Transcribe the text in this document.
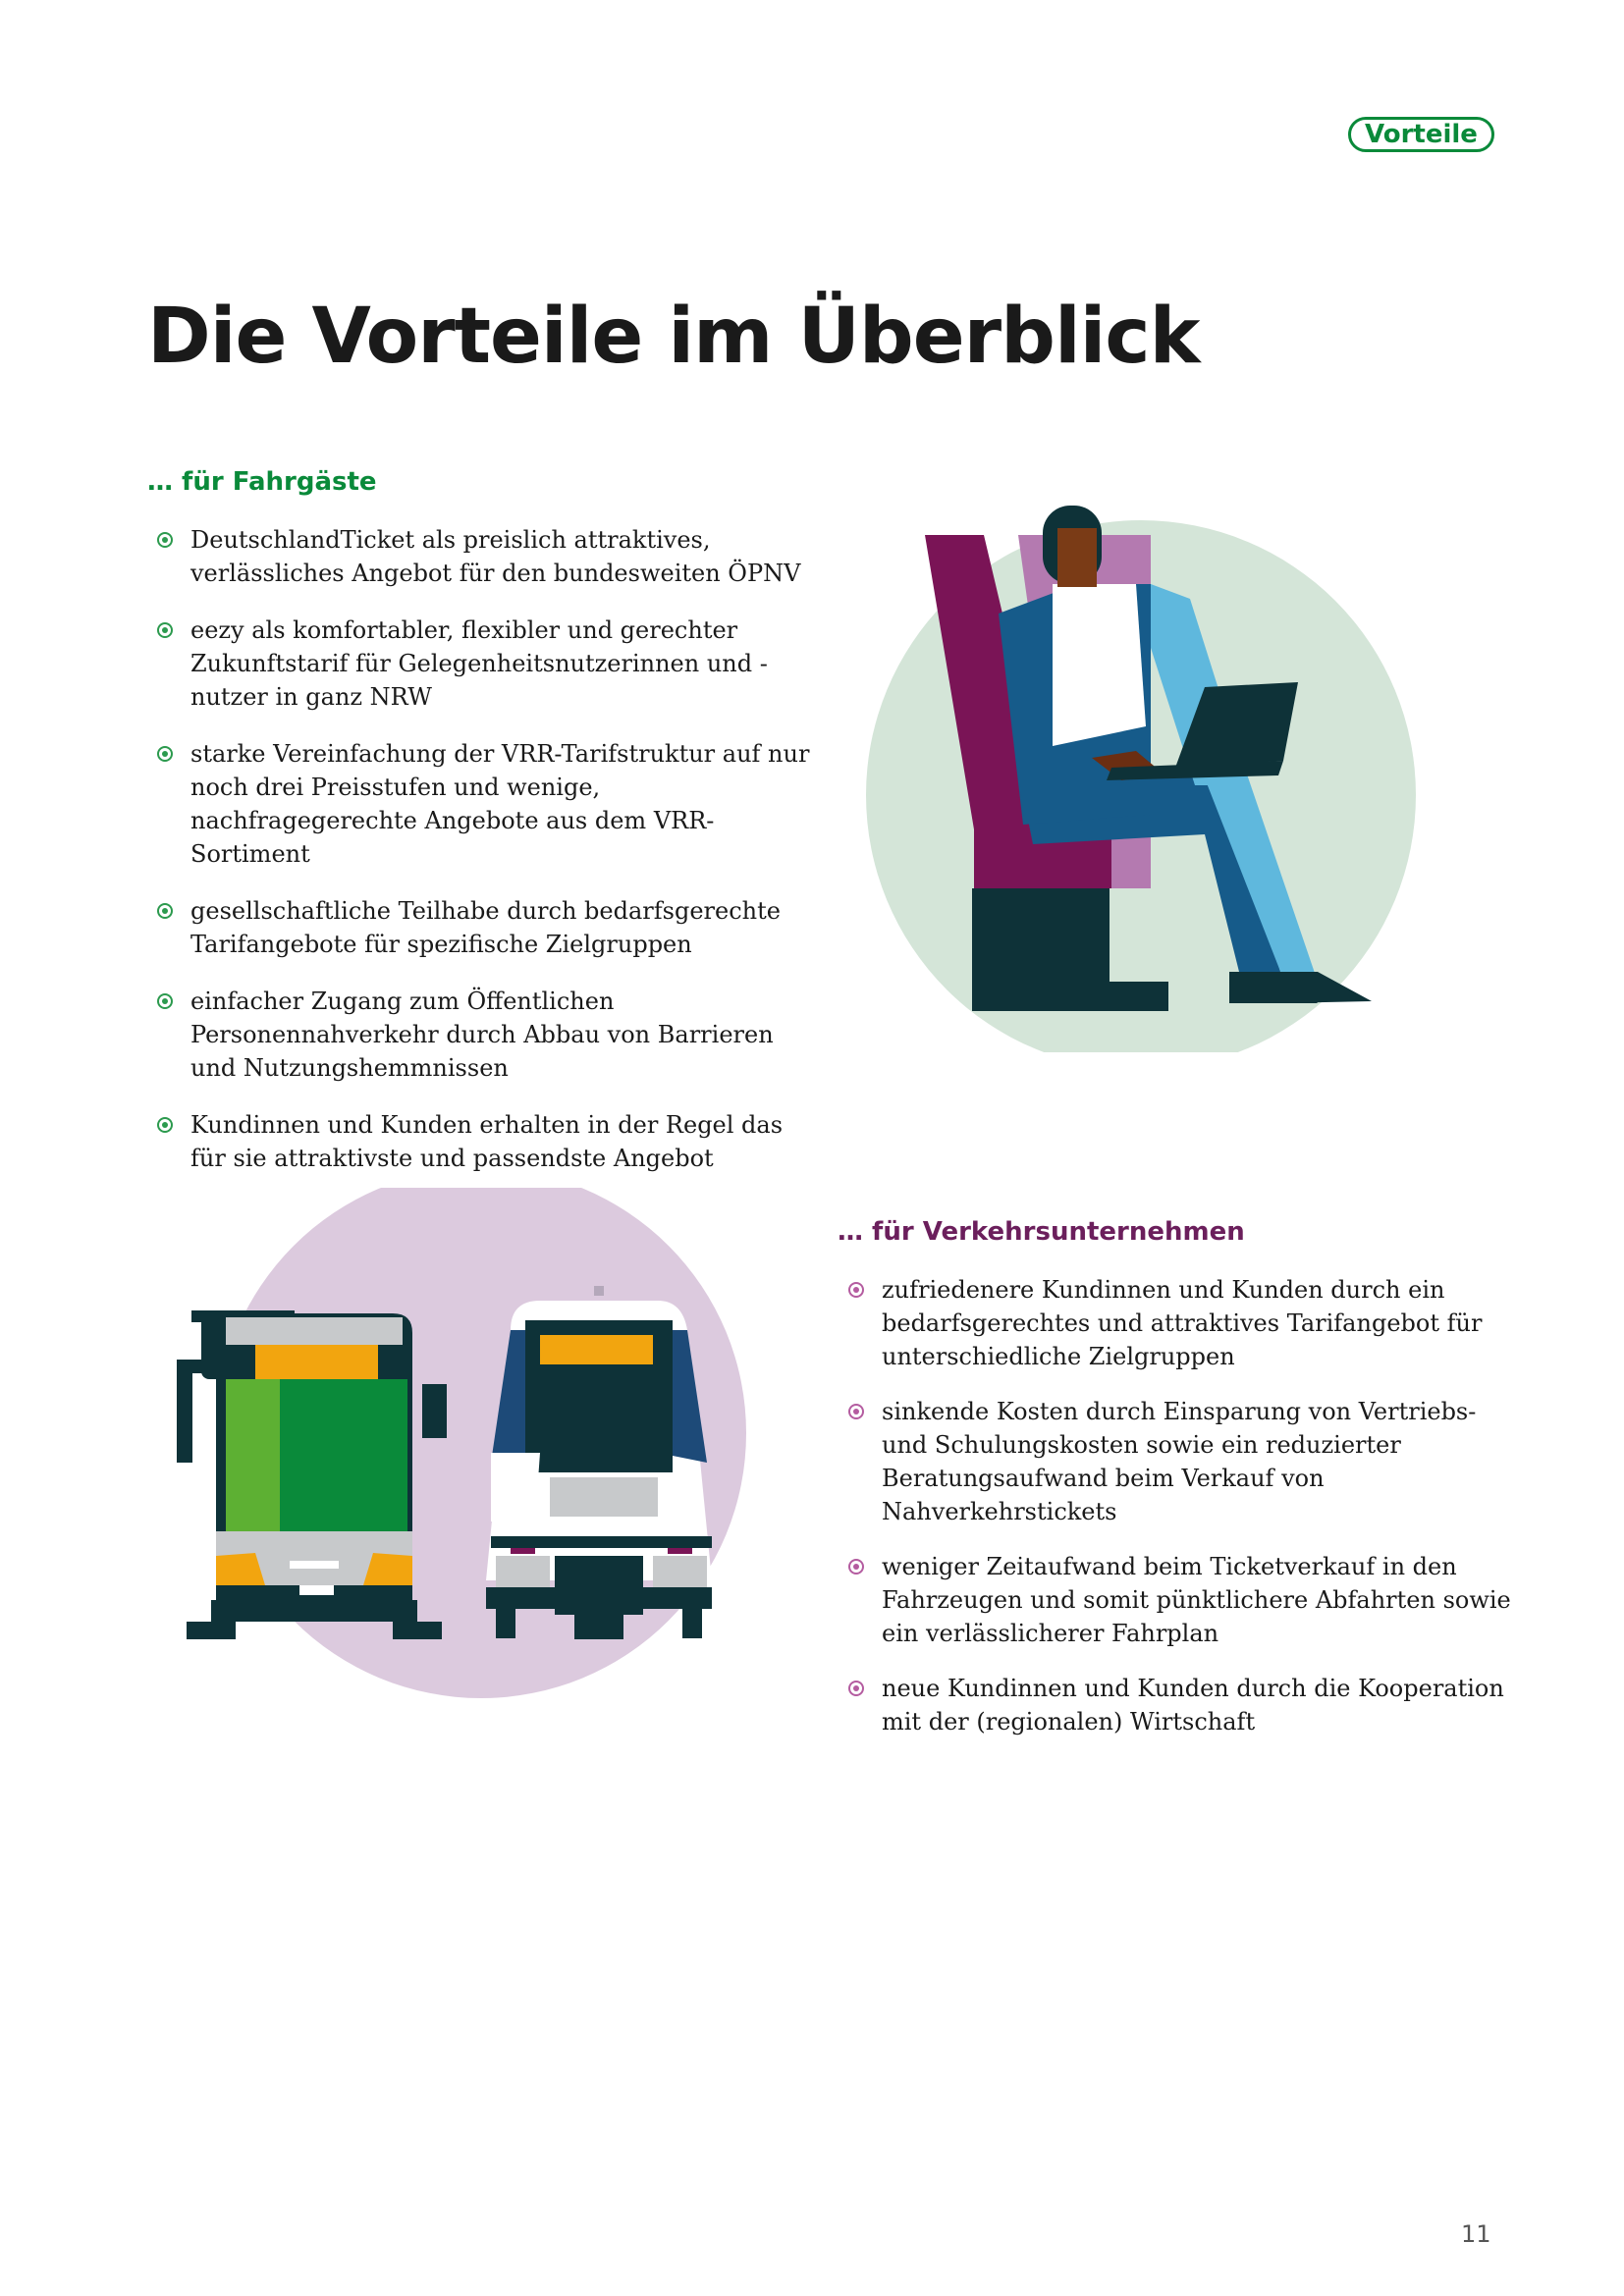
Vorteile
Die Vorteile im Überblick
… für Fahrgäste
DeutschlandTicket als preislich attraktives, verlässliches Angebot für den bundesweiten ÖPNV
eezy als komfortabler, flexibler und gerechter Zukunftstarif für Gelegenheitsnutzerinnen und -nutzer in ganz NRW
starke Vereinfachung der VRR-Tarifstruktur auf nur noch drei Preisstufen und wenige, nachfragegerechte Angebote aus dem VRR-Sortiment
gesellschaftliche Teilhabe durch bedarfsgerechte Tarifangebote für spezifische Zielgruppen
einfacher Zugang zum Öffentlichen Personennahverkehr durch Abbau von Barrieren und Nutzungshemmnissen
Kundinnen und Kunden erhalten in der Regel das für sie attraktivste und passendste Angebot
… für Verkehrsunternehmen
zufriedenere Kundinnen und Kunden durch ein bedarfsgerechtes und attraktives Tarifangebot für unterschiedliche Zielgruppen
sinkende Kosten durch Einsparung von Vertriebs- und Schulungskosten sowie ein reduzierter Beratungsaufwand beim Verkauf von Nahverkehrstickets
weniger Zeitaufwand beim Ticketverkauf in den Fahrzeugen und somit pünktlichere Abfahrten sowie ein verlässlicherer Fahrplan
neue Kundinnen und Kunden durch die Kooperation mit der (regionalen) Wirtschaft
11
